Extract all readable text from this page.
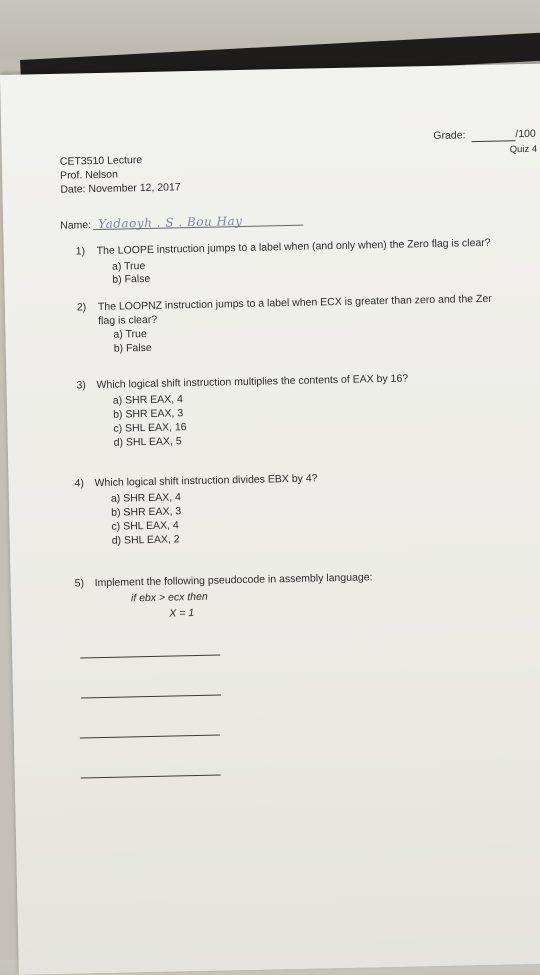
Grade:	/100
Quiz 4
CET3510 Lecture
Prof. Nelson
Date: November 12, 2017
Name: Yadaoyh . S . Bou Hay
1) The LOOPE instruction jumps to a label when (and only when) the Zero flag is clear?
a) True
b) False
2) The LOOPNZ instruction jumps to a label when ECX is greater than zero and the Zer
flag is clear?
a) True
b) False
3) Which logical shift instruction multiplies the contents of EAX by 16?
a) SHR EAX, 4
b) SHR EAX, 3
c) SHL EAX, 16
d) SHL EAX, 5
4) Which logical shift instruction divides EBX by 4?
a) SHR EAX, 4
b) SHR EAX, 3
c) SHL EAX, 4
d) SHL EAX, 2
5) Implement the following pseudocode in assembly language:
if ebx > ecx then
X = 1
